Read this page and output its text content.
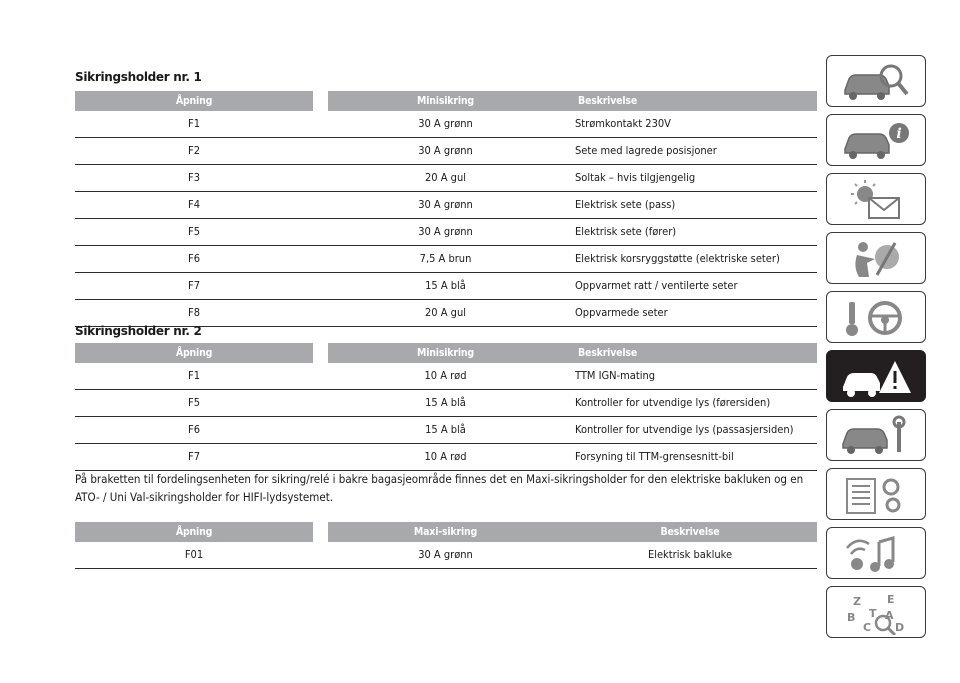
Sikringsholder nr. 1
Åpning	Minisikring	Beskrivelse
F1	30 A grønn	Strømkontakt 230V
F2	30 A grønn	Sete med lagrede posisjoner
F3	20 A gul	Soltak – hvis tilgjengelig
F4	30 A grønn	Elektrisk sete (pass)
F5	30 A grønn	Elektrisk sete (fører)
F6	7,5 A brun	Elektrisk korsryggstøtte (elektriske seter)
F7	15 A blå	Oppvarmet ratt / ventilerte seter
F8	20 A gul	Oppvarmede seter
Sikringsholder nr. 2
Åpning	Minisikring	Beskrivelse
F1	10 A rød	TTM IGN-mating
F5	15 A blå	Kontroller for utvendige lys (førersiden)
F6	15 A blå	Kontroller for utvendige lys (passasjersiden)
F7	10 A rød	Forsyning til TTM-grensesnitt-bil
På braketten til fordelingsenheten for sikring/relé i bakre bagasjeområde finnes det en Maxi-sikringsholder for den elektriske bakluken og en ATO- / Uni Val-sikringsholder for HIFI-lydsystemet.
Åpning	Maxi-sikring	Beskrivelse
F01	30 A grønn	Elektrisk bakluke
i
Z E
B	A
C D
T
